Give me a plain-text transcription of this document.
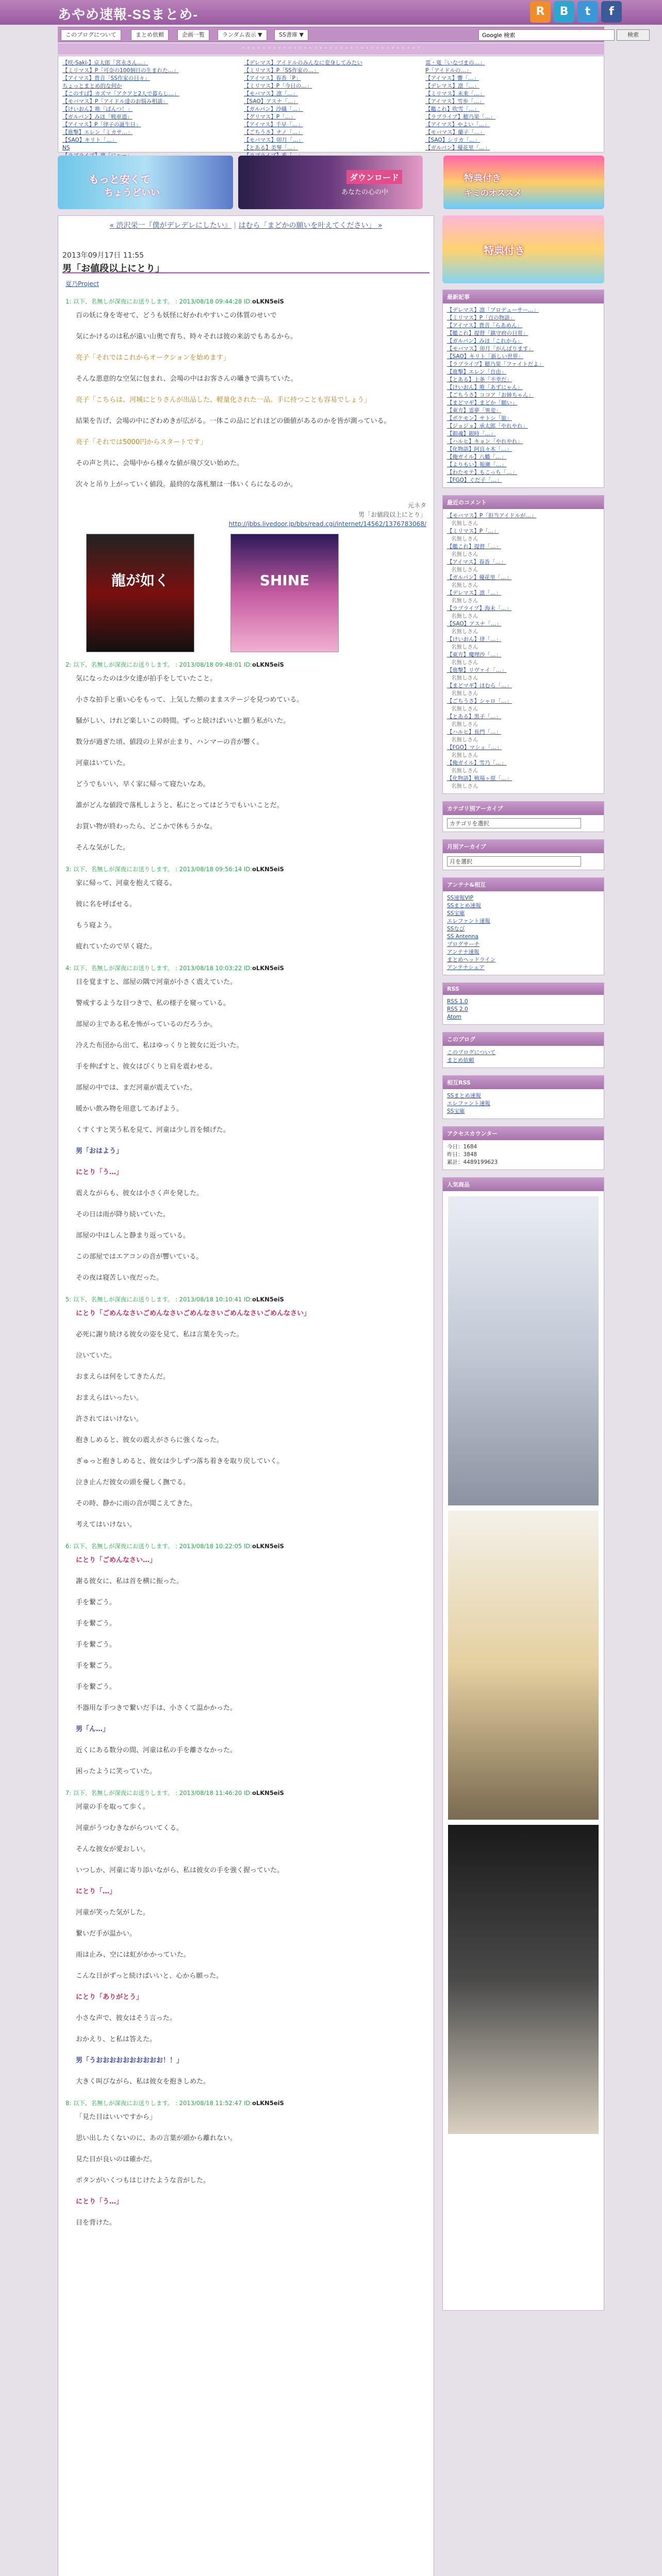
あやめ速報-SSまとめ-	R	B	t	f
このブログについて	まとめ依頼	企画一覧	ランダム表示 ▼	SS書庫 ▼
Google 検索	検索
・・・・・・・・・・・・・・・・・・・・・・・・・・・・・・・・・・・
【咲-Saki-】京太郎「宮永さん…」
【ミリマス】P「可奈の100個目の生まれた…」
【アイマス】貴音「SS作家の日々」
ちょっとまとめ的な何か
【このすば】カズマ「アクアと2人で暮らし…」
【モバマス】P「アイドル達のお悩み相談」
【けいおん】唯「ぱんつ！」
【ガルパン】みほ「戦車道」
【アイマス】P「律子の誕生日」
【進撃】エレン「ミカサ…」
【SAO】キリト「…」
NS
【デレマス】アイドルのみんなに変身してみたい
【ミリマス】P「SS作家の…」
【アイマス】春香「P」
【ミリマス】P「今日の…」
【モバマス】凛「…」
【SAO】アスナ「…」
【ガルパン】沙織「…」
【グリマス】P「…」
【アイマス】千早「…」
【ごちうさ】チノ「…」
【モバマス】卯月「…」
【とある】美琴「…」
雷・電「いなづまの…」
P「アイドルの…」
【アイマス】響「…」
【デレマス】凛「…」
【ミリマス】未来「…」
【アイマス】雪歩「…」
【艦これ】吹雪「…」
【ラブライブ】穂乃果「…」
【アイマス】やよい「…」
【モバマス】蘭子「…」
【SAO】シリカ「…」
【ガルパン】優花里「…」
もっと安くて
ちょうどいい
ダウンロード
あなたの心の中
特典付き
キミのオススメ
« 渋沢栄一『僕がデレデレにしたい』 | はむら「まどかの願いを叶えてください」 »
2013年09月17日 11:55
男「お値段以上にとり」
夏乃Project
1: 以下、名無しが深夜にお送りします。 : 2013/08/18 09:44:28 ID:oLKN5eiS

百の妖に身を寄せて、どうも妖怪に好かれやすいこの体質のせいで

気にかけるのは私が遠い山奥で育ち、時々それは彼の来訪でもあるから。

亮子「それではこれからオークションを始めます」

そんな悪意的な空気に包まれ、会場の中はお客さんの囁きで満ちていた。

亮子「こちらは、河城にとりさんが出品した、軽量化された一品。手に持つことも容易でしょう」

結果を告げ、会場の中にざわめきが広がる。一体この品にどれほどの価値があるのかを皆が測っている。

亮子「それでは5000円からスタートです」

その声と共に、会場中から様々な値が飛び交い始めた。

次々と吊り上がっていく値段。最終的な落札額は一体いくらになるのか。

元ネタ
男「お値段以上にとり」
http://jbbs.livedoor.jp/bbs/read.cgi/internet/14562/1376783068/
龍が如く	SHINE
2: 以下、名無しが深夜にお送りします。 : 2013/08/18 09:48:01 ID:oLKN5eiS

気になったのは少女達が拍手をしていたこと。

小さな拍手と重い心をもって、上気した頬のままステージを見つめている。

騒がしい、けれど楽しいこの時間。ずっと続けばいいと願う私がいた。

数分が過ぎた頃、値段の上昇が止まり、ハンマーの音が響く。

河童はいていた。

どうでもいい、早く家に帰って寝たいなあ。

誰がどんな値段で落札しようと、私にとってはどうでもいいことだ。

お買い物が終わったら、どこかで休もうかな。

そんな気がした。

3: 以下、名無しが深夜にお送りします。 : 2013/08/18 09:56:14 ID:oLKN5eiS

家に帰って、河童を抱えて寝る。

彼に名を呼ばせる。

もう寝よう。

疲れていたので早く寝た。

4: 以下、名無しが深夜にお送りします。 : 2013/08/18 10:03:22 ID:oLKN5eiS

目を覚ますと、部屋の隅で河童が小さく震えていた。

警戒するような目つきで、私の様子を窺っている。

部屋の主である私を怖がっているのだろうか。

冷えた布団から出て、私はゆっくりと彼女に近づいた。

手を伸ばすと、彼女はびくりと肩を震わせる。

部屋の中では、まだ河童が震えていた。

暖かい飲み物を用意してあげよう。

くすくすと笑う私を見て、河童は少し首を傾げた。

男「おはよう」

にとり「う…」

震えながらも、彼女は小さく声を発した。

その日は雨が降り続いていた。

部屋の中はしんと静まり返っている。

この部屋ではエアコンの音が響いている。

その夜は寝苦しい夜だった。

5: 以下、名無しが深夜にお送りします。 : 2013/08/18 10:10:41 ID:oLKN5eiS

にとり「ごめんなさいごめんなさいごめんなさいごめんなさいごめんなさい」

必死に謝り続ける彼女の姿を見て、私は言葉を失った。

泣いていた。

おまえらは何をしてきたんだ。

おまえらはいったい。

許されてはいけない。

抱きしめると、彼女の震えがさらに強くなった。

ぎゅっと抱きしめると、彼女は少しずつ落ち着きを取り戻していく。

泣き止んだ彼女の頭を優しく撫でる。

その時、静かに雨の音が聞こえてきた。

考えてはいけない。

6: 以下、名無しが深夜にお送りします。 : 2013/08/18 10:22:05 ID:oLKN5eiS

にとり「ごめんなさい…」

謝る彼女に、私は首を横に振った。

手を繋ごう。

手を繋ごう。

手を繋ごう。

手を繋ごう。

手を繋ごう。

不器用な手つきで繋いだ手は、小さくて温かかった。

男「ん…」

近くにある数分の間、河童は私の手を離さなかった。

困ったように笑っていた。

7: 以下、名無しが深夜にお送りします。 : 2013/08/18 11:46:20 ID:oLKN5eiS

河童の手を取って歩く。

河童がうつむきながらついてくる。

そんな彼女が愛おしい。

いつしか、河童に寄り添いながら、私は彼女の手を強く握っていた。

にとり「…」

河童が笑った気がした。

繋いだ手が温かい。

雨は止み、空には虹がかかっていた。

こんな日がずっと続けばいいと、心から願った。

にとり「ありがとう」

小さな声で、彼女はそう言った。

おかえり、と私は答えた。

男「うおおおおおおおおおお！！」

大きく叫びながら、私は彼女を抱きしめた。

8: 以下、名無しが深夜にお送りします。 : 2013/08/18 11:52:47 ID:oLKN5eiS

「見た目はいいですから」

思い出したくないのに、あの言葉が頭から離れない。

見た目が良いのは確かだ。

ポタンがいくつもはじけたような音がした。

にとり「う…」

目を背けた。

特典付き
最新記事
【デレマス】凛「プロデューサー…」
【ミリマス】P「百の物語」
【アイマス】貴音「らあめん」
【艦これ】提督「鎮守府の日常」
【ガルパン】みほ「これから」
【モバマス】卯月「がんばります」
【SAO】キリト「新しい世界」
【ラブライブ】穂乃果「ファイトだよ」
【進撃】エレン「自由」
【とある】上条「不幸だ」
【けいおん】唯「あずにゃん」
【ごちうさ】ココア「お姉ちゃん」
【まどマギ】まどか「願い」
【東方】霊夢「異変」
【ポケモン】サトシ「旅」
【ジョジョ】承太郎「やれやれ」
【銀魂】銀時「…」
【ハルヒ】キョン「やれやれ」
【化物語】阿良々木「…」
【俺ガイル】八幡「…」
【よりもい】報瀬「…」
【わたモテ】もこっち「…」
【FGO】ぐだ子「…」
最近のコメント
【モバマス】P「担当アイドルが…」
名無しさん
【ミリマス】P「…」
名無しさん
【艦これ】提督「…」
名無しさん
【アイマス】春香「…」
名無しさん
【ガルパン】優花里「…」
名無しさん
【デレマス】凛「…」
名無しさん
【ラブライブ】海未「…」
名無しさん
【SAO】アスナ「…」
名無しさん
【けいおん】律「…」
名無しさん
【東方】魔理沙「…」
名無しさん
【進撃】リヴァイ「…」
名無しさん
【まどマギ】ほむら「…」
名無しさん
【ごちうさ】シャロ「…」
名無しさん
【とある】黒子「…」
名無しさん
【ハルヒ】長門「…」
名無しさん
【FGO】マシュ「…」
名無しさん
【俺ガイル】雪乃「…」
名無しさん
【化物語】戦場ヶ原「…」
名無しさん
カテゴリ別アーカイブ
カテゴリを選択
月別アーカイブ
月を選択
アンテナ&相互
SS速報VIP
SSまとめ速報
SS宝庫
エレファント速報
SSなび
SS Antenna
ブログサーチ
アンテナ速報
まとめヘッドライン
アンテナシェア
RSS
RSS 1.0
RSS 2.0
Atom
このブログ
このブログについて
まとめ依頼
相互RSS
SSまとめ速報
エレファント速報
SS宝庫
アクセスカウンター
今日：1684
昨日：3848
累計：4489199623
人気商品
